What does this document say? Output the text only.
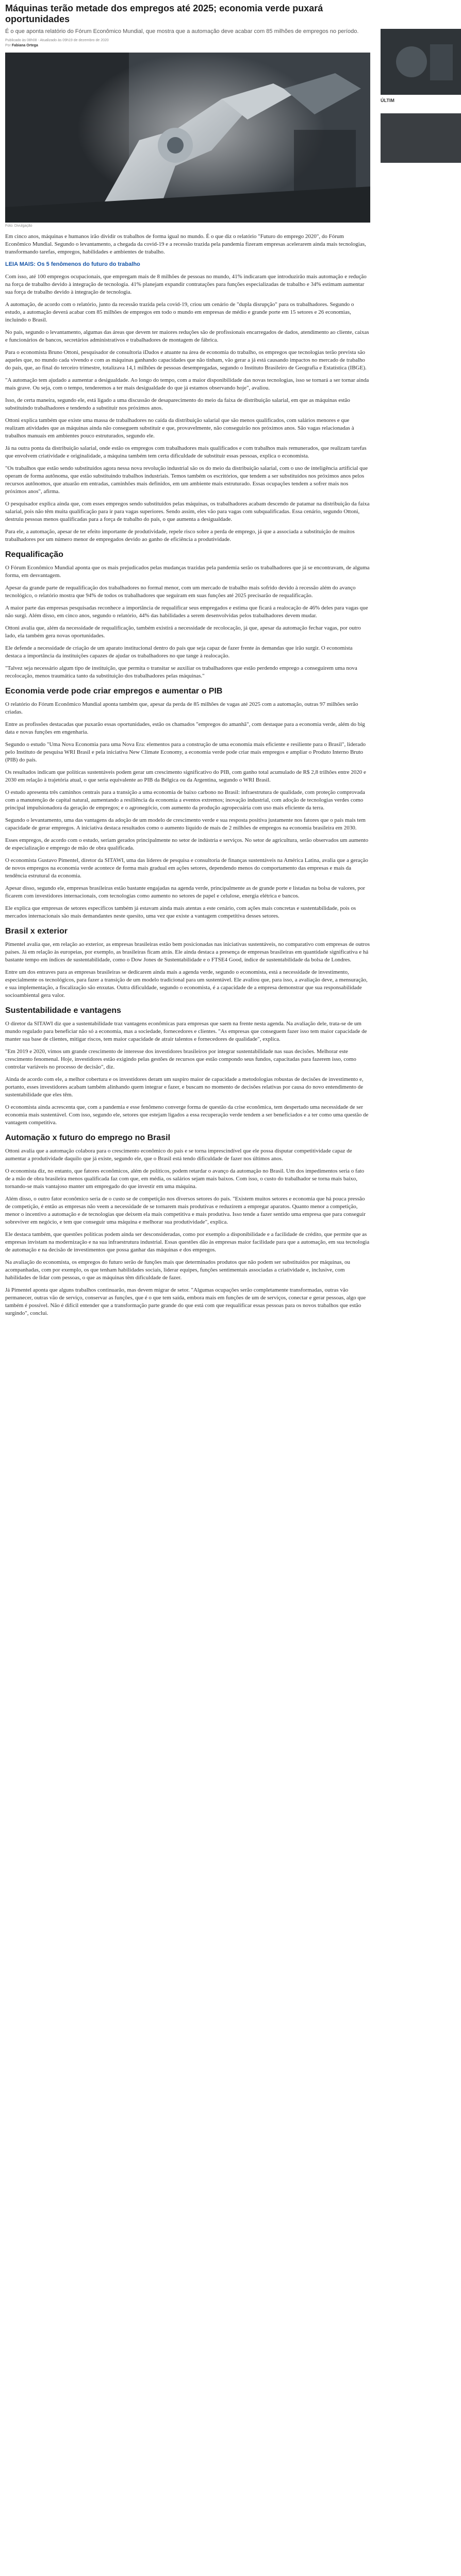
Máquinas terão metade dos empregos até 2025; economia verde puxará oportunidades
É o que aponta relatório do Fórum Econômico Mundial, que mostra que a automação deve acabar com 85 milhões de empregos no período.
Publicado às 08h08 - Atualizado às 09h19 de dezembro de 2020
Por Fabiana Ortega
Foto: Divulgação

Em cinco anos, máquinas e humanos irão dividir os trabalhos de forma igual no mundo. É o que diz o relatório "Futuro do emprego 2020", do Fórum Econômico Mundial. Segundo o levantamento, a chegada da covid-19 e a recessão trazida pela pandemia fizeram empresas acelerarem ainda mais tecnologias, transformando tarefas, empregos, habilidades e ambientes de trabalho.

LEIA MAIS: Os 5 fenômenos do futuro do trabalho

Com isso, até 100 empregos ocupacionais, que empregam mais de 8 milhões de pessoas no mundo, 41% indicaram que introduzirão mais automação e redução na força de trabalho devido à integração de tecnologia. 41% planejam expandir contratações para funções especializadas de trabalho e 34% estimam aumentar sua força de trabalho devido à integração de tecnologia.

A automação, de acordo com o relatório, junto da recessão trazida pela covid-19, criou um cenário de "dupla disrupção" para os trabalhadores. Segundo o estudo, a automação deverá acabar com 85 milhões de empregos em todo o mundo em empresas de médio e grande porte em 15 setores e 26 economias, incluindo o Brasil.

No país, segundo o levantamento, algumas das áreas que devem ter maiores reduções são de profissionais encarregados de dados, atendimento ao cliente, caixas e funcionários de bancos, secretários administrativos e trabalhadores de montagem de fábrica.

Para o economista Bruno Ottoni, pesquisador de consultoria iDados e atuante na área de economia do trabalho, os empregos que tecnologias terão prevista são aqueles que, no mundo cada vivendo e com as máquinas ganhando capacidades que não tinham, vão gerar a já está causando impactos no mercado de trabalho do país, que, ao final do terceiro trimestre, totalizava 14,1 milhões de pessoas desempregadas, segundo o Instituto Brasileiro de Geografia e Estatística (IBGE).

"A automação tem ajudado a aumentar a desigualdade. Ao longo do tempo, com a maior disponibilidade das novas tecnologias, isso se tornará a ser tornar ainda mais grave. Ou seja, com o tempo, tenderemos a ter mais desigualdade do que já estamos observando hoje", avaliou.

Isso, de certa maneira, segundo ele, está ligado a uma discussão de desaparecimento do meio da faixa de distribuição salarial, em que as máquinas estão substituindo trabalhadores e tendendo a substituir nos próximos anos.

Ottoni explica também que existe uma massa de trabalhadores no caída da distribuição salarial que são menos qualificados, com salários menores e que realizam atividades que as máquinas ainda não conseguem substituir e que, provavelmente, não conseguirão nos próximos anos. São vagas relacionadas à trabalhos manuais em ambientes pouco estruturados, segundo ele.

Já na outra ponta da distribuição salarial, onde estão os empregos com trabalhadores mais qualificados e com trabalhos mais remunerados, que realizam tarefas que envolvem criatividade e originalidade, a máquina também tem certa dificuldade de substituir essas pessoas, explica o economista.

"Os trabalhos que estão sendo substituídos agora nessa nova revolução industrial são os do meio da distribuição salarial, com o uso de inteligência artificial que operam de forma autônoma, que estão substituindo trabalhos industriais. Temos também os escritórios, que tendem a ser substituídos nos próximos anos pelos recursos autônomos, que atuarão em entradas, caminhões mais definidos, em um ambiente mais estruturado. Essas ocupações tendem a sofrer mais nos próximos anos", afirma.

O pesquisador explica ainda que, com esses empregos sendo substituídos pelas máquinas, os trabalhadores acabam descendo de patamar na distribuição da faixa salarial, pois não têm muita qualificação para ir para vagas superiores. Sendo assim, eles vão para vagas com subqualificadas. Essa cenário, segundo Ottoni, destruiu pessoas menos qualificadas para a força de trabalho do país, o que aumenta a desigualdade.

Para ele, a automação, apesar de ter efeito importante de produtividade, repele risco sobre a perda de emprego, já que a associada a substituição de muitos trabalhadores por um número menor de empregados devido ao ganho de eficiência a produtividade.

Requalificação

O Fórum Econômico Mundial aponta que os mais prejudicados pelas mudanças trazidas pela pandemia serão os trabalhadores que já se encontravam, de alguma forma, em desvantagem.

Apesar da grande parte de requalificação dos trabalhadores no formal menor, com um mercado de trabalho mais sofrido devido à recessão além do avanço tecnológico, o relatório mostra que 94% de todos os trabalhadores que seguiram em suas funções até 2025 precisarão de requalificação.

A maior parte das empresas pesquisadas reconhece a importância de requalificar seus empregados e estima que ficará a realocação de 46% deles para vagas que não surgi. Além disso, em cinco anos, segundo o relatório, 44% das habilidades a serem desenvolvidas pelos trabalhadores devem mudar.

Ottoni avalia que, além da necessidade de requalificação, também existirá a necessidade de recolocação, já que, apesar da automação fechar vagas, por outro lado, ela também gera novas oportunidades.

Ele defende a necessidade de criação de um aparato institucional dentro do país que seja capaz de fazer frente às demandas que irão surgir. O economista destaca a importância da instituições capazes de ajudar os trabalhadores no que tange à realocação.

"Talvez seja necessário algum tipo de instituição, que permita o transitar se auxiliar os trabalhadores que estão perdendo emprego a conseguirem uma nova recolocação, menos traumática tanto da substituição dos trabalhadores pelas máquinas."

Economia verde pode criar empregos e aumentar o PIB

O relatório do Fórum Econômico Mundial aponta também que, apesar da perda de 85 milhões de vagas até 2025 com a automação, outras 97 milhões serão criadas.

Entre as profissões destacadas que puxarão essas oportunidades, estão os chamados "empregos do amanhã", com destaque para a economia verde, além do big data e novas funções em engenharia.

Segundo o estudo "Uma Nova Economia para uma Nova Era: elementos para a construção de uma economia mais eficiente e resiliente para o Brasil", liderado pelo Instituto de pesquisa WRI Brasil e pela iniciativa New Climate Economy, a economia verde pode criar mais empregos e ampliar o Produto Interno Bruto (PIB) do país.

Os resultados indicam que políticas sustentáveis podem gerar um crescimento significativo do PIB, com ganho total acumulado de R$ 2,8 trilhões entre 2020 e 2030 em relação à trajetória atual, o que seria equivalente ao PIB da Bélgica ou da Argentina, segundo o WRI Brasil.

O estudo apresenta três caminhos centrais para a transição a uma economia de baixo carbono no Brasil: infraestrutura de qualidade, com proteção comprovada com a manutenção de capital natural, aumentando a resiliência da economia a eventos extremos; inovação industrial, com adoção de tecnologias verdes como principal impulsionadora da geração de empregos; e o agronegócio, com aumento da produção agropecuária com uso mais eficiente da terra.

Segundo o levantamento, uma das vantagens da adoção de um modelo de crescimento verde e sua resposta positiva justamente nos fatores que o país mais tem capacidade de gerar empregos. A iniciativa destaca resultados como o aumento líquido de mais de 2 milhões de empregos na economia brasileira em 2030.

Esses empregos, de acordo com o estudo, seriam gerados principalmente no setor de indústria e serviços. No setor de agricultura, serão observados um aumento de especialização e emprego de mão de obra qualificada.

O economista Gustavo Pimentel, diretor da SITAWI, uma das líderes de pesquisa e consultoria de finanças sustentáveis na América Latina, avalia que a geração de novos empregos na economia verde acontece de forma mais gradual em ações setores, dependendo menos do comportamento das empresas e mais da tendência estrutural da economia.

Apesar disso, segundo ele, empresas brasileiras estão bastante engajadas na agenda verde, principalmente as de grande porte e listadas na bolsa de valores, por ficarem com investidores internacionais, com tecnologias como aumento no setores de papel e celulose, energia elétrica e bancos.

Ele explica que empresas de setores específicos também já estavam ainda mais atentas a este cenário, com ações mais concretas e sustentabilidade, pois os mercados internacionais são mais demandantes neste quesito, uma vez que existe a vantagem competitiva desses setores.

Brasil x exterior

Pimentel avalia que, em relação ao exterior, as empresas brasileiras estão bem posicionadas nas iniciativas sustentáveis, no comparativo com empresas de outros países. Já em relação às europeias, por exemplo, as brasileiras ficam atrás. Ele ainda destaca a presença de empresas brasileiras em quantidade significativa e há bastante tempo em índices de sustentabilidade, como o Dow Jones de Sustentabilidade e o FTSE4 Good, índice de sustentabilidade da bolsa de Londres.

Entre um dos entraves para as empresas brasileiras se dedicarem ainda mais a agenda verde, segundo o economista, está a necessidade de investimento, especialmente os tecnológicos, para fazer a transição de um modelo tradicional para um sustentável. Ele avaliou que, para isso, a avaliação deve, a mensuração, e sua implementação, a fiscalização são enxutas. Outra dificuldade, segundo o economista, é a capacidade de a empresa demonstrar que sua responsabilidade socioambiental gera valor.

Sustentabilidade e vantagens

O diretor da SITAWI diz que a sustentabilidade traz vantagens econômicas para empresas que saem na frente nesta agenda. Na avaliação dele, trata-se de um mundo regulado para beneficiar não só a economia, mas a sociedade, fornecedores e clientes. "As empresas que conseguem fazer isso tem maior capacidade de manter sua base de clientes, mitigar riscos, tem maior capacidade de atrair talentos e fornecedores de qualidade", explica.

"Em 2019 e 2020, vimos um grande crescimento de interesse dos investidores brasileiros por integrar sustentabilidade nas suas decisões. Melhorar este crescimento fenomenal. Hoje, investidores estão exigindo pelas gestões de recursos que estão compondo seus fundos, capacitadas para fazerem isso, como controlar variáveis no processo de decisão", diz.

Ainda de acordo com ele, a melhor cobertura e os investidores deram um suspiro maior de capacidade a metodologias robustas de decisões de investimento e, portanto, esses investidores acabam também alinhando quem integrar e fazer, e buscam no momento de decisões relativas por causa do novo entendimento de sustentabilidade que eles têm.

O economista ainda acrescenta que, com a pandemia e esse fenômeno converge forma de questão da crise econômica, tem despertado uma necessidade de ser economia mais sustentável. Com isso, segundo ele, setores que estejam ligados a essa recuperação verde tendem a ser beneficiados e a ter como uma questão de vantagem competitiva.

Automação x futuro do emprego no Brasil

Ottoni avalia que a automação colabora para o crescimento econômico do país e se torna imprescindível que ele possa disputar competitividade capaz de aumentar a produtividade daquilo que já existe, segundo ele, que o Brasil está tendo dificuldade de fazer nos últimos anos.

O economista diz, no entanto, que fatores econômicos, além de políticos, podem retardar o avanço da automação no Brasil. Um dos impedimentos seria o fato de a mão de obra brasileira menos qualificada faz com que, em média, os salários sejam mais baixos. Com isso, o custo do trabalhador se torna mais baixo, tornando-se mais vantajoso manter um empregado do que investir em uma máquina.

Além disso, o outro fator econômico seria de o custo se de competição nos diversos setores do país. "Existem muitos setores e economia que há pouca pressão de competição, é então as empresas não veem a necessidade de se tornarem mais produtivas e reduzirem a empregar aparatos. Quanto menor a competição, menor o incentivo a automação e de tecnologias que deixem ela mais competitiva e mais produtiva. Isso tende a fazer sentido uma empresa que para conseguir sobreviver em negócio, e tem que conseguir uma máquina e melhorar sua produtividade", explica.

Ele destaca também, que questões políticas podem ainda ser desconsideradas, como por exemplo a disponibilidade e a facilidade de crédito, que permite que as empresas invistam na modernização e na sua infraestrutura industrial. Essas questões dão às empresas maior facilidade para que a automação, em sua tecnologia de automação e na decisão de investimentos que possa ganhar das máquinas e dos empregos.

Na avaliação do economista, os empregos do futuro serão de funções mais que determinados produtos que não podem ser substituídos por máquinas, ou acompanhadas, com por exemplo, os que tenham habilidades sociais, liderar equipes, funções sentimentais associadas a criatividade e, inclusive, com habilidades de lidar com pessoas, o que as máquinas têm dificuldade de fazer.

Já Pimentel aponta que alguns trabalhos continuarão, mas devem migrar de setor. "Algumas ocupações serão completamente transformadas, outras vão permanecer, outras vão de serviço, conservar as funções, que é o que tem saída, embora mais em funções de um de serviços, conectar e gerar pessoas, algo que também é possível. Não é difícil entender que a transformação parte grande do que está com que requalificar essas pessoas para os novos trabalhos que estão surgindo", conclui.

ÚLTIM
